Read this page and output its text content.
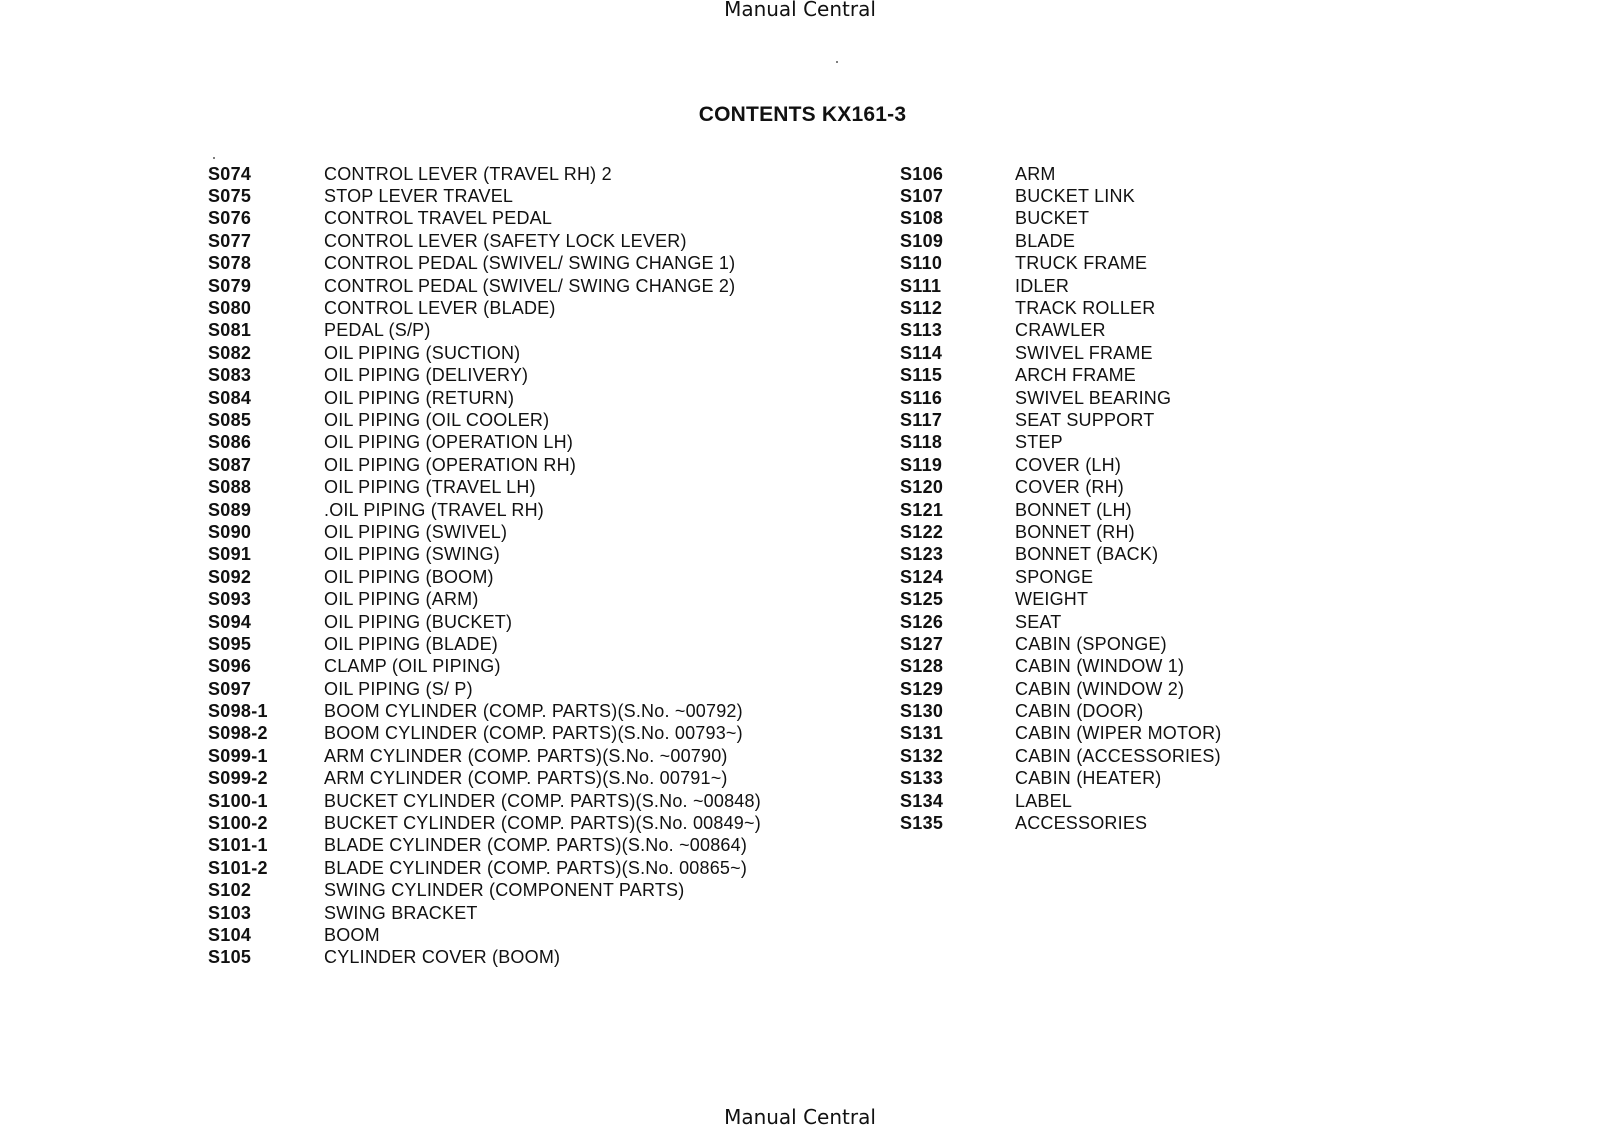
Manual Central
CONTENTS KX161-3
S074	CONTROL LEVER (TRAVEL RH) 2
S075	STOP LEVER TRAVEL
S076	CONTROL TRAVEL PEDAL
S077	CONTROL LEVER (SAFETY LOCK LEVER)
S078	CONTROL PEDAL (SWIVEL/ SWING CHANGE 1)
S079	CONTROL PEDAL (SWIVEL/ SWING CHANGE 2)
S080	CONTROL LEVER (BLADE)
S081	PEDAL (S/P)
S082	OIL PIPING (SUCTION)
S083	OIL PIPING (DELIVERY)
S084	OIL PIPING (RETURN)
S085	OIL PIPING (OIL COOLER)
S086	OIL PIPING (OPERATION LH)
S087	OIL PIPING (OPERATION RH)
S088	OIL PIPING (TRAVEL LH)
S089	.OIL PIPING (TRAVEL RH)
S090	OIL PIPING (SWIVEL)
S091	OIL PIPING (SWING)
S092	OIL PIPING (BOOM)
S093	OIL PIPING (ARM)
S094	OIL PIPING (BUCKET)
S095	OIL PIPING (BLADE)
S096	CLAMP (OIL PIPING)
S097	OIL PIPING (S/ P)
S098-1	BOOM CYLINDER (COMP. PARTS)(S.No. ~00792)
S098-2	BOOM CYLINDER (COMP. PARTS)(S.No. 00793~)
S099-1	ARM CYLINDER (COMP. PARTS)(S.No. ~00790)
S099-2	ARM CYLINDER (COMP. PARTS)(S.No. 00791~)
S100-1	BUCKET CYLINDER (COMP. PARTS)(S.No. ~00848)
S100-2	BUCKET CYLINDER (COMP. PARTS)(S.No. 00849~)
S101-1	BLADE CYLINDER (COMP. PARTS)(S.No. ~00864)
S101-2	BLADE CYLINDER (COMP. PARTS)(S.No. 00865~)
S102	SWING CYLINDER (COMPONENT PARTS)
S103	SWING BRACKET
S104	BOOM
S105	CYLINDER COVER (BOOM)
S106	ARM
S107	BUCKET LINK
S108	BUCKET
S109	BLADE
S110	TRUCK FRAME
S111	IDLER
S112	TRACK ROLLER
S113	CRAWLER
S114	SWIVEL FRAME
S115	ARCH FRAME
S116	SWIVEL BEARING
S117	SEAT SUPPORT
S118	STEP
S119	COVER (LH)
S120	COVER (RH)
S121	BONNET (LH)
S122	BONNET (RH)
S123	BONNET (BACK)
S124	SPONGE
S125	WEIGHT
S126	SEAT
S127	CABIN (SPONGE)
S128	CABIN (WINDOW 1)
S129	CABIN (WINDOW 2)
S130	CABIN (DOOR)
S131	CABIN (WIPER MOTOR)
S132	CABIN (ACCESSORIES)
S133	CABIN (HEATER)
S134	LABEL
S135	ACCESSORIES
Manual Central
